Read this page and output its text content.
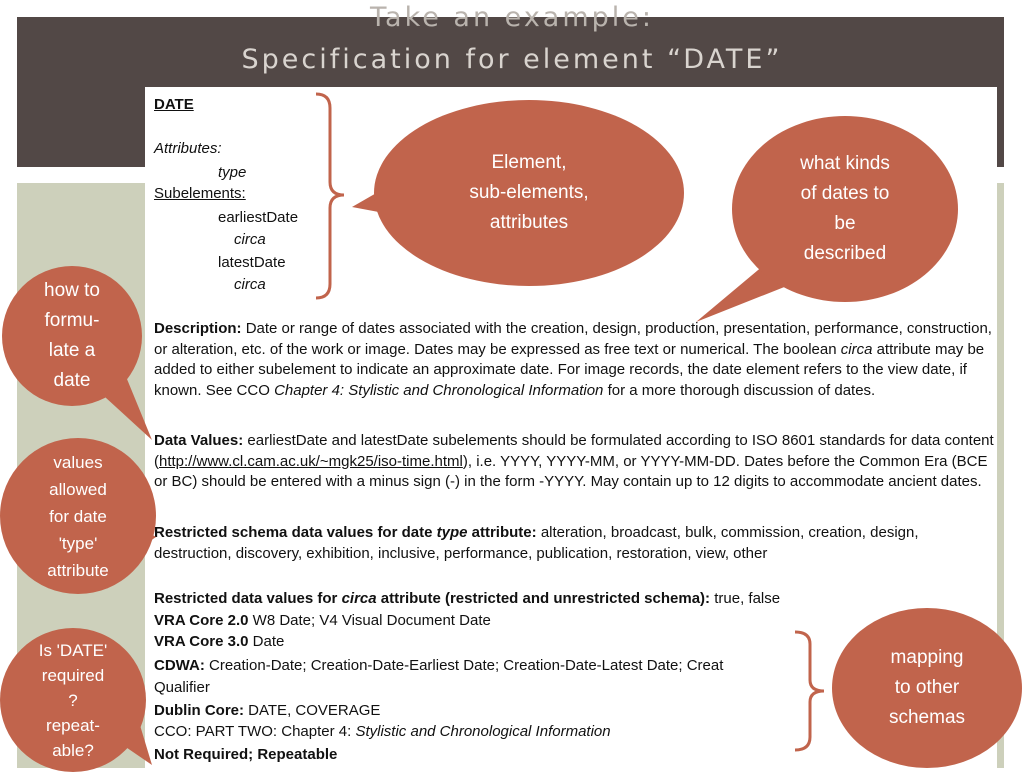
Take an example:
Specification for element “DATE”
DATE
Attributes:
type
Subelements:
earliestDate
circa
latestDate
circa
Description: Date or range of dates associated with the creation, design, production, presentation, performance, construction, or alteration, etc. of the work or image. Dates may be expressed as free text or numerical. The boolean circa attribute may be added to either subelement to indicate an approximate date. For image records, the date element refers to the view date, if known. See CCO Chapter 4: Stylistic and Chronological Information for a more thorough discussion of dates.
Data Values: earliestDate and latestDate subelements should be formulated according to ISO 8601 standards for data content (http://www.cl.cam.ac.uk/~mgk25/iso-time.html), i.e. YYYY, YYYY-MM, or YYYY-MM-DD. Dates before the Common Era (BCE or BC) should be entered with a minus sign (-) in the form -YYYY. May contain up to 12 digits to accommodate ancient dates.
Restricted schema data values for date type attribute: alteration, broadcast, bulk, commission, creation, design, destruction, discovery, exhibition, inclusive, performance, publication, restoration, view, other
Restricted data values for circa attribute (restricted and unrestricted schema): true, false
VRA Core 2.0 W8 Date; V4 Visual Document Date
VRA Core 3.0 Date
CDWA: Creation-Date; Creation-Date-Earliest Date; Creation-Date-Latest Date; Creat
Qualifier
Dublin Core: DATE, COVERAGE
CCO: PART TWO: Chapter 4: Stylistic and Chronological Information
Not Required; Repeatable
Element,
sub-elements,
attributes
what kinds
of dates to
be
described
how to
formu-
late a
date
values
allowed
for date
'type'
attribute
Is 'DATE'
required
?
repeat-
able?
mapping
to other
schemas
